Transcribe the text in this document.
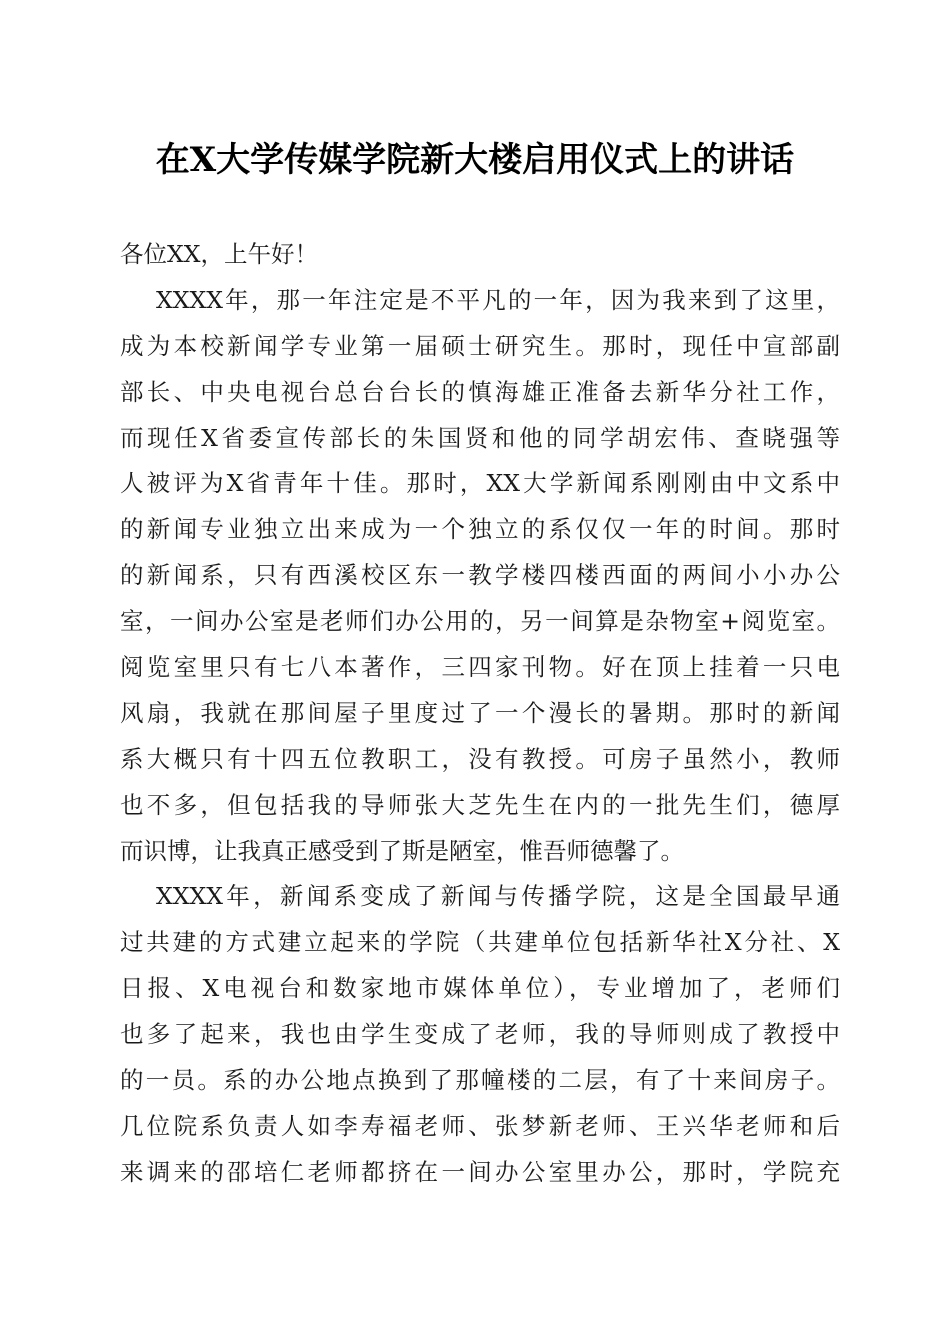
在X大学传媒学院新大楼启用仪式上的讲话
各位XX，上午好！
XXXX年，那一年注定是不平凡的一年，因为我来到了这里，
成为本校新闻学专业第一届硕士研究生。那时，现任中宣部副
部长、中央电视台总台台长的慎海雄正准备去新华分社工作，
而现任X省委宣传部长的朱国贤和他的同学胡宏伟、查晓强等
人被评为X省青年十佳。那时，XX大学新闻系刚刚由中文系中
的新闻专业独立出来成为一个独立的系仅仅一年的时间。那时
的新闻系，只有西溪校区东一教学楼四楼西面的两间小小办公
室，一间办公室是老师们办公用的，另一间算是杂物室+阅览室。
阅览室里只有七八本著作，三四家刊物。好在顶上挂着一只电
风扇，我就在那间屋子里度过了一个漫长的暑期。那时的新闻
系大概只有十四五位教职工，没有教授。可房子虽然小，教师
也不多，但包括我的导师张大芝先生在内的一批先生们，德厚
而识博，让我真正感受到了斯是陋室，惟吾师德馨了。
XXXX年，新闻系变成了新闻与传播学院，这是全国最早通
过共建的方式建立起来的学院（共建单位包括新华社X分社、X
日报、X电视台和数家地市媒体单位），专业增加了，老师们
也多了起来，我也由学生变成了老师，我的导师则成了教授中
的一员。系的办公地点换到了那幢楼的二层，有了十来间房子。
几位院系负责人如李寿福老师、张梦新老师、王兴华老师和后
来调来的邵培仁老师都挤在一间办公室里办公，那时，学院充
